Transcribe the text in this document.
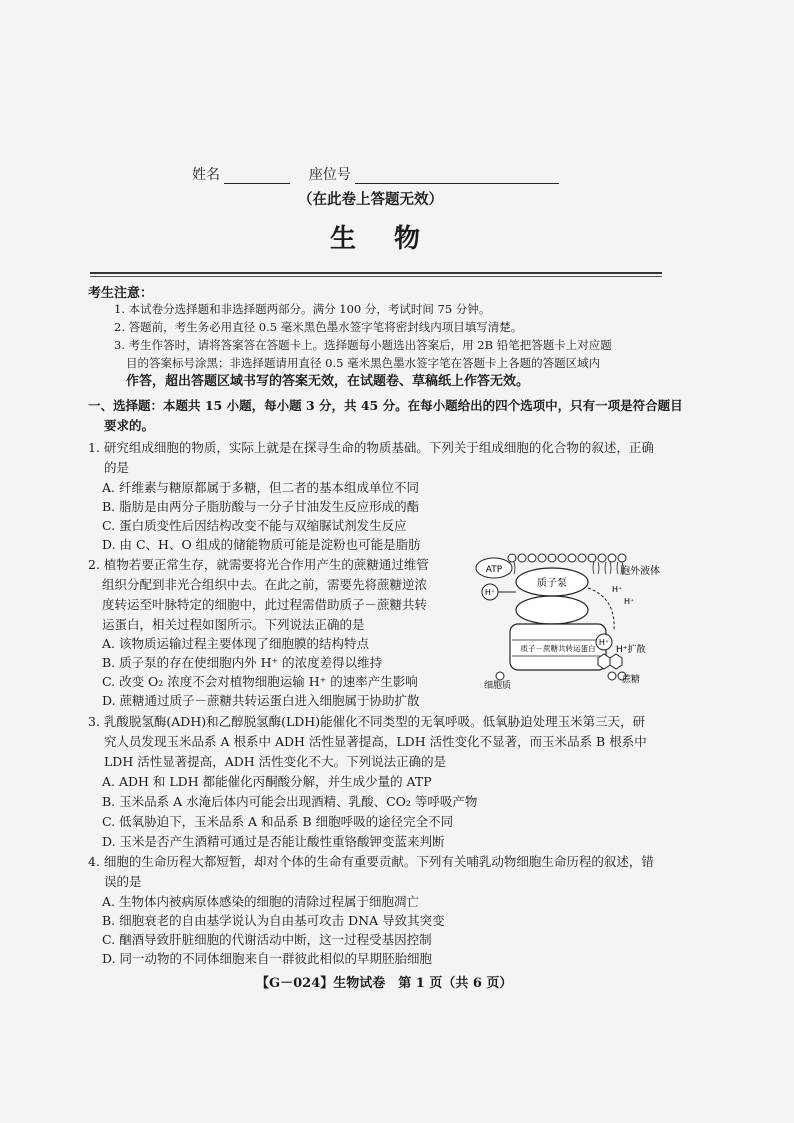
姓名	座位号
（在此卷上答题无效）
生物
考生注意：
1. 本试卷分选择题和非选择题两部分。满分 100 分，考试时间 75 分钟。
2. 答题前，考生务必用直径 0.5 毫米黑色墨水签字笔将密封线内项目填写清楚。
3. 考生作答时，请将答案答在答题卡上。选择题每小题选出答案后，用 2B 铅笔把答题卡上对应题
目的答案标号涂黑；非选择题请用直径 0.5 毫米黑色墨水签字笔在答题卡上各题的答题区域内
作答，超出答题区域书写的答案无效，在试题卷、草稿纸上作答无效。
一、选择题：本题共 15 小题，每小题 3 分，共 45 分。在每小题给出的四个选项中，只有一项是符合题目
要求的。
1. 研究组成细胞的物质，实际上就是在探寻生命的物质基础。下列关于组成细胞的化合物的叙述，正确
的是
A. 纤维素与糖原都属于多糖，但二者的基本组成单位不同
B. 脂肪是由两分子脂肪酸与一分子甘油发生反应形成的酯
C. 蛋白质变性后因结构改变不能与双缩脲试剂发生反应
D. 由 C、H、O 组成的储能物质可能是淀粉也可能是脂肪
2. 植物若要正常生存，就需要将光合作用产生的蔗糖通过维管
组织分配到非光合组织中去。在此之前，需要先将蔗糖逆浓
度转运至叶脉特定的细胞中，此过程需借助质子－蔗糖共转
运蛋白，相关过程如图所示。下列说法正确的是
A. 该物质运输过程主要体现了细胞膜的结构特点
B. 质子泵的存在使细胞内外 H⁺ 的浓度差得以维持
C. 改变 O₂ 浓度不会对植物细胞运输 H⁺ 的速率产生影响
D. 蔗糖通过质子－蔗糖共转运蛋白进入细胞属于协助扩散
质子泵
ATP
H⁺
胞外液体
H⁺
H⁺
质子－蔗糖共转运蛋白
H⁺
H⁺扩散
蔗糖
细胞质
3. 乳酸脱氢酶(ADH)和乙醇脱氢酶(LDH)能催化不同类型的无氧呼吸。低氧胁迫处理玉米第三天，研
究人员发现玉米品系 A 根系中 ADH 活性显著提高，LDH 活性变化不显著，而玉米品系 B 根系中
LDH 活性显著提高，ADH 活性变化不大。下列说法正确的是
A. ADH 和 LDH 都能催化丙酮酸分解，并生成少量的 ATP
B. 玉米品系 A 水淹后体内可能会出现酒精、乳酸、CO₂ 等呼吸产物
C. 低氧胁迫下，玉米品系 A 和品系 B 细胞呼吸的途径完全不同
D. 玉米是否产生酒精可通过是否能让酸性重铬酸钾变蓝来判断
4. 细胞的生命历程大都短暂，却对个体的生命有重要贡献。下列有关哺乳动物细胞生命历程的叙述，错
误的是
A. 生物体内被病原体感染的细胞的清除过程属于细胞凋亡
B. 细胞衰老的自由基学说认为自由基可攻击 DNA 导致其突变
C. 酗酒导致肝脏细胞的代谢活动中断，这一过程受基因控制
D. 同一动物的不同体细胞来自一群彼此相似的早期胚胎细胞
【G－024】生物试卷　第 1 页（共 6 页）
